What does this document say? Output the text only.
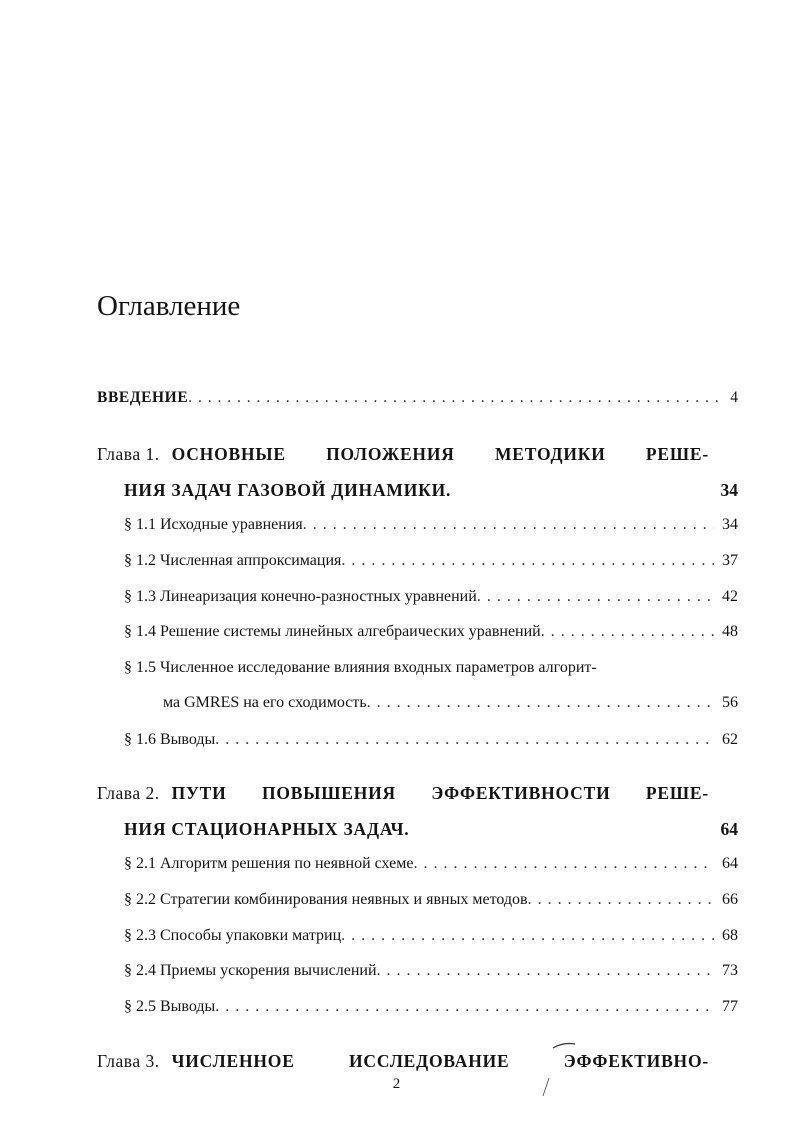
Оглавление
ВВЕДЕНИЕ . . .	4
Глава 1. ОСНОВНЫЕ ПОЛОЖЕНИЯ МЕТОДИКИ РЕШЕ-
НИЯ ЗАДАЧ ГАЗОВОЙ ДИНАМИКИ.	34
§ 1.1 Исходные уравнения . . .	34
§ 1.2 Численная аппроксимация . . .	37
§ 1.3 Линеаризация конечно-разностных уравнений . . .	42
§ 1.4 Решение системы линейных алгебраических уравнений . . .	48
§ 1.5 Численное исследование влияния входных параметров алгорит-
ма GMRES на его сходимость . . .	56
§ 1.6 Выводы . . .	62
Глава 2. ПУТИ ПОВЫШЕНИЯ ЭФФЕКТИВНОСТИ РЕШЕ-
НИЯ СТАЦИОНАРНЫХ ЗАДАЧ.	64
§ 2.1 Алгоритм решения по неявной схеме . . .	64
§ 2.2 Стратегии комбинирования неявных и явных методов . . .	66
§ 2.3 Способы упаковки матриц . . .	68
§ 2.4 Приемы ускорения вычислений . . .	73
§ 2.5 Выводы . . .	77
Глава 3. ЧИСЛЕННОЕ ИССЛЕДОВАНИЕ ЭФФЕКТИВНО-
2
